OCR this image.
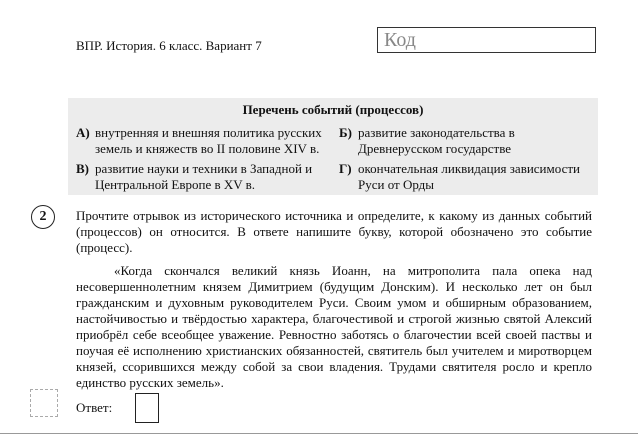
ВПР. История. 6 класс. Вариант 7	Код
Перечень событий (процессов)
А) внутренняя и внешняя политика русских земель и княжеств во II половине XIV в.
Б) развитие законодательства в Древнерусском государстве
В) развитие науки и техники в Западной и Центральной Европе в XV в.
Г) окончательная ликвидация зависимости Руси от Орды
2	Прочтите отрывок из исторического источника и определите, к какому из данных событий (процессов) он относится. В ответе напишите букву, которой обозначено это событие (процесс).
«Когда скончался великий князь Иоанн, на митрополита пала опека над несовершеннолетним князем Димитрием (будущим Донским). И несколько лет он был гражданским и духовным руководителем Руси. Своим умом и обширным образованием, настойчивостью и твёрдостью характера, благочестивой и строгой жизнью святой Алексий приобрёл себе всеобщее уважение. Ревностно заботясь о благочестии всей своей паствы и поучая её исполнению христианских обязанностей, святитель был учителем и миротворцем князей, ссорившихся между собой за свои владения. Трудами святителя росло и крепло единство русских земель».
Ответ:
